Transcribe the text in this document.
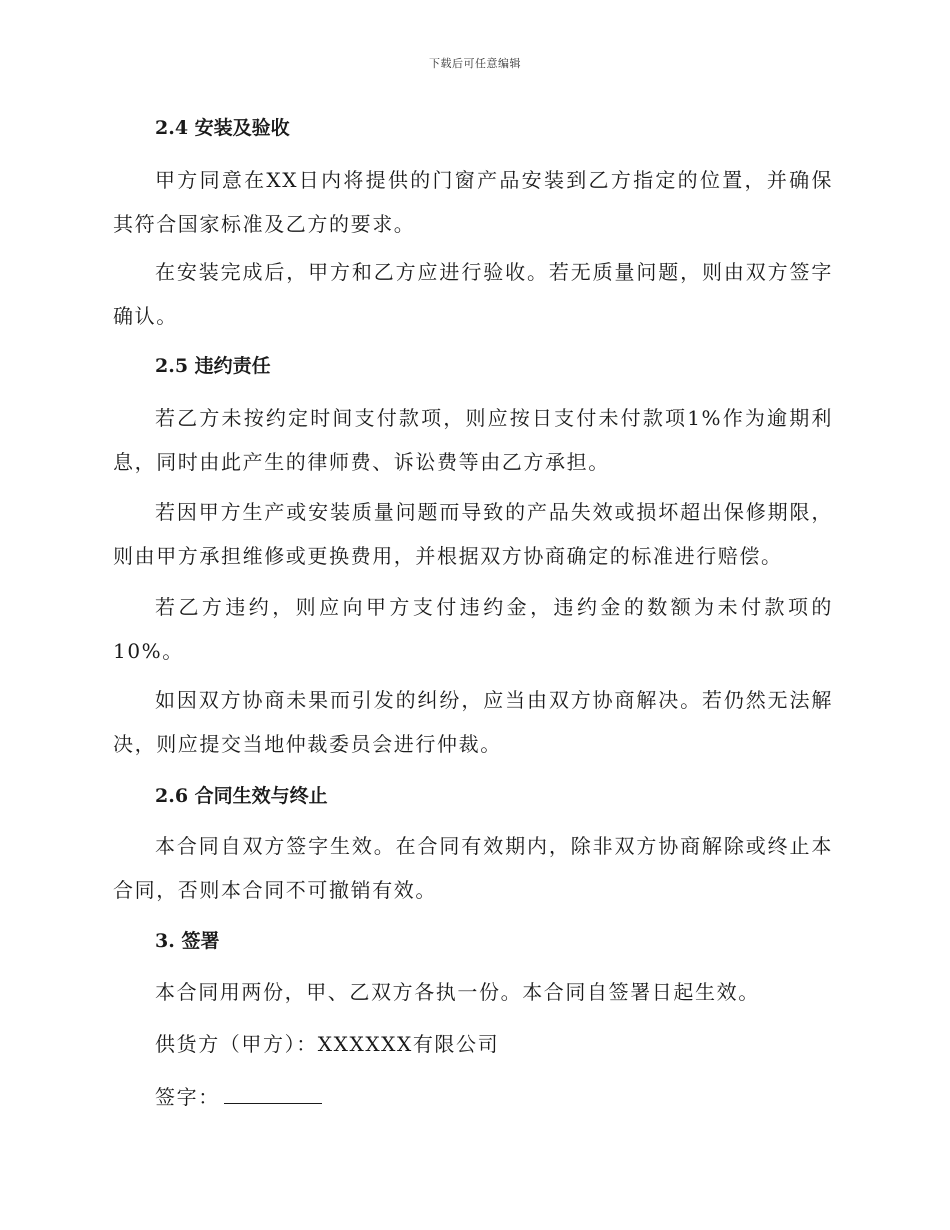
下载后可任意编辑
2.4 安装及验收
甲方同意在XX日内将提供的门窗产品安装到乙方指定的位置，并确保其符合国家标准及乙方的要求。
在安装完成后，甲方和乙方应进行验收。若无质量问题，则由双方签字确认。
2.5 违约责任
若乙方未按约定时间支付款项，则应按日支付未付款项1%作为逾期利息，同时由此产生的律师费、诉讼费等由乙方承担。
若因甲方生产或安装质量问题而导致的产品失效或损坏超出保修期限，则由甲方承担维修或更换费用，并根据双方协商确定的标准进行赔偿。
若乙方违约，则应向甲方支付违约金，违约金的数额为未付款项的10%。
如因双方协商未果而引发的纠纷，应当由双方协商解决。若仍然无法解决，则应提交当地仲裁委员会进行仲裁。
2.6 合同生效与终止
本合同自双方签字生效。在合同有效期内，除非双方协商解除或终止本合同，否则本合同不可撤销有效。
3. 签署
本合同用两份，甲、乙双方各执一份。本合同自签署日起生效。
供货方（甲方）：XXXXXX有限公司
签字：
